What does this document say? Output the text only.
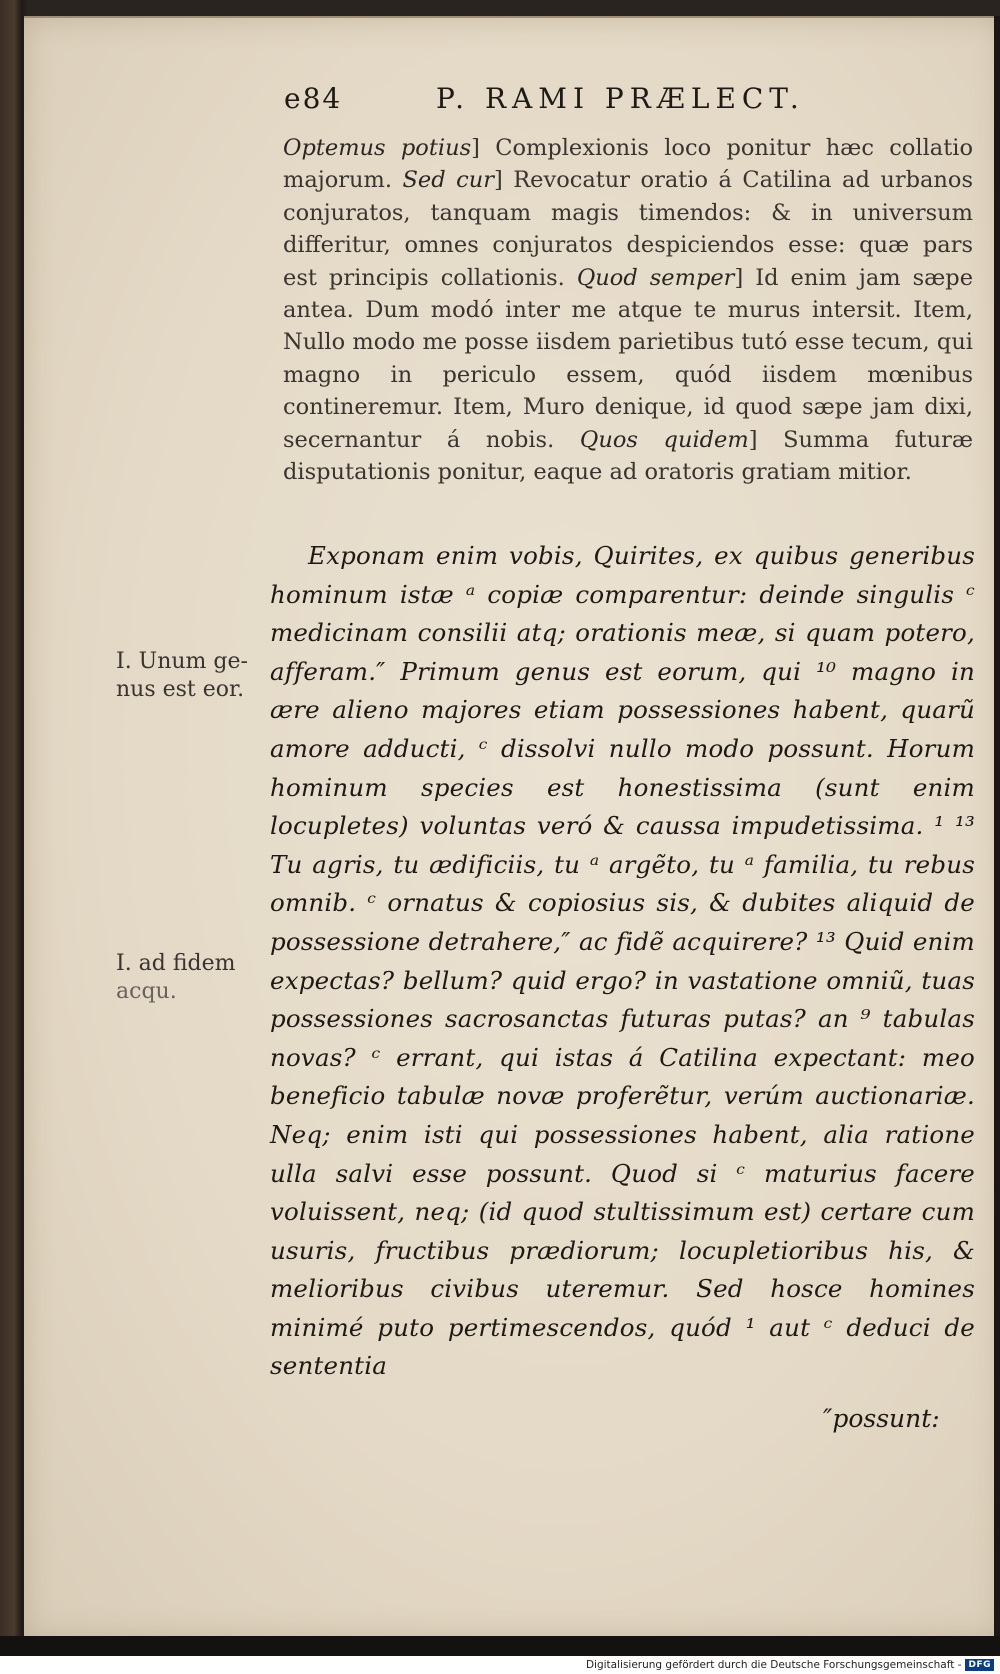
e84	P. RAMI PRÆLECT.

Optemus potius] Complexionis loco ponitur hæc collatio majorum. Sed cur] Revocatur oratio á Catilina ad urbanos conjuratos, tanquam magis timendos: & in universum differitur, omnes conjuratos despiciendos esse: quæ pars est principis collationis. Quod semper] Id enim jam sæpe antea. Dum modó inter me atque te murus intersit. Item, Nullo modo me posse iisdem parietibus tutó esse tecum, qui magno in periculo essem, quód iisdem mœnibus contineremur. Item, Muro denique, id quod sæpe jam dixi, secernantur á nobis. Quos quidem] Summa futuræ disputationis ponitur, eaque ad oratoris gratiam mitior.

Exponam enim vobis, Quirites, ex quibus generibus hominum istæ ᵃ copiæ comparentur: deinde singulis ᶜ medicinam consilii atq; orationis meæ, si quam potero, afferam.″ Primum genus est eorum, qui ¹⁰ magno in ære alieno majores etiam possessiones habent, quarũ amore adducti, ᶜ dissolvi nullo modo possunt. Horum hominum species est honestissima (sunt enim locupletes) voluntas veró & caussa impudetissima. ¹ ¹³ Tu agris, tu ædificiis, tu ᵃ argẽto, tu ᵃ familia, tu rebus omnib. ᶜ ornatus & copiosius sis, & dubites aliquid de possessione detrahere,″ ac fidẽ acquirere? ¹³ Quid enim expectas? bellum? quid ergo? in vastatione omniũ, tuas possessiones sacrosanctas futuras putas? an ⁹ tabulas novas? ᶜ errant, qui istas á Catilina expectant: meo beneficio tabulæ novæ proferẽtur, verúm auctionariæ. Neq; enim isti qui possessiones habent, alia ratione ulla salvi esse possunt. Quod si ᶜ maturius facere voluissent, neq; (id quod stultissimum est) certare cum usuris, fructibus prædiorum; locupletioribus his, & melioribus civibus uteremur. Sed hosce homines minimé puto pertimescendos, quód ¹ aut ᶜ deduci de sententia

″possunt:
I. Unum ge-
nus est eor.
I. ad fidem
acqu.
Digitalisierung gefördert durch die Deutsche Forschungsgemeinschaft - DFG
